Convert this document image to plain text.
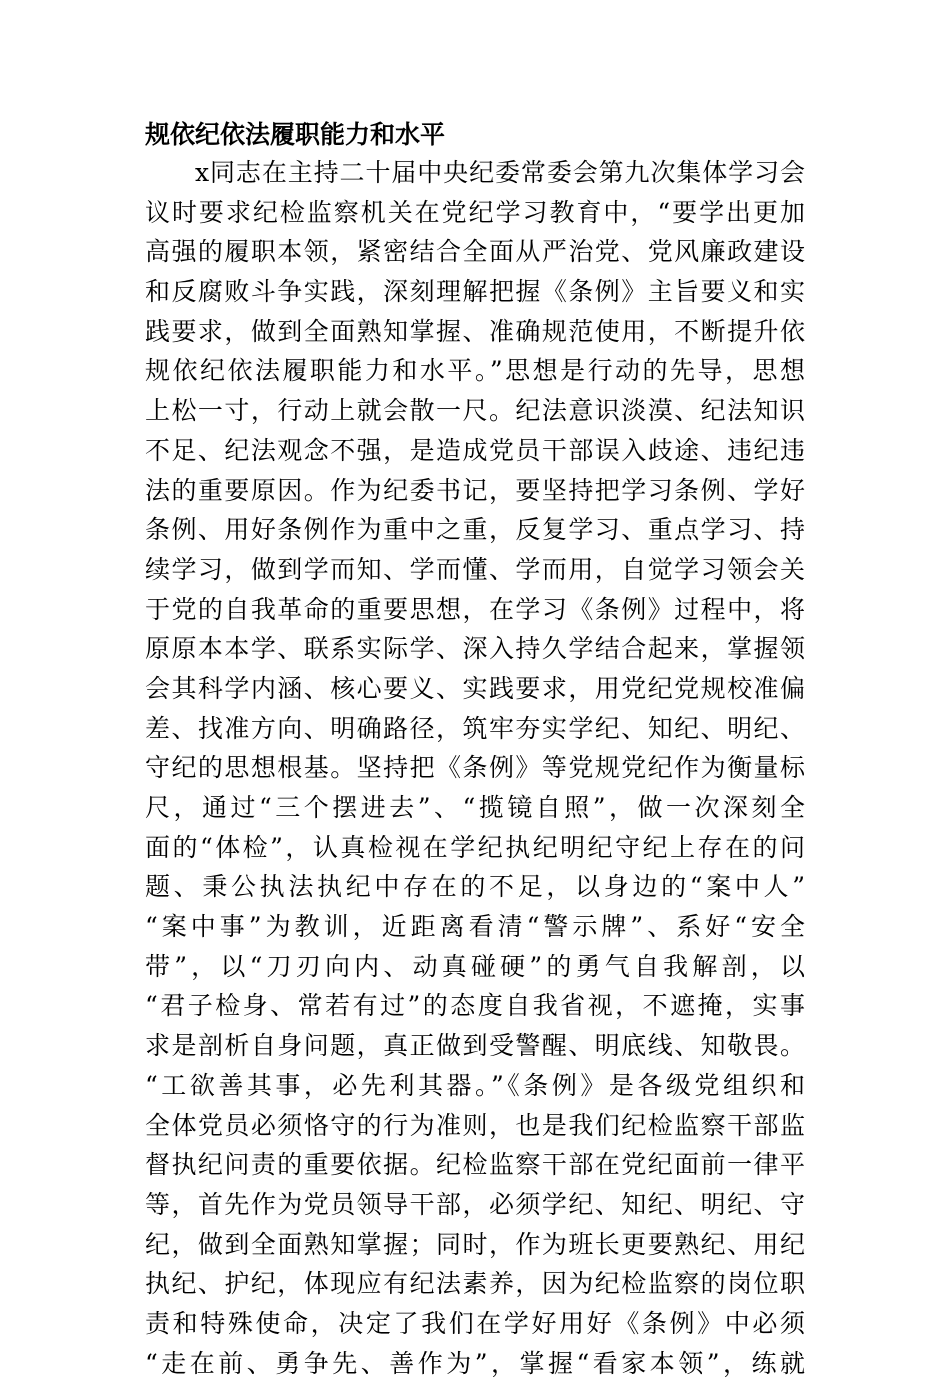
规依纪依法履职能力和水平
x同志在主持二十届中央纪委常委会第九次集体学习会
议时要求纪检监察机关在党纪学习教育中，“要学出更加
高强的履职本领，紧密结合全面从严治党、党风廉政建设
和反腐败斗争实践，深刻理解把握《条例》主旨要义和实
践要求，做到全面熟知掌握、准确规范使用，不断提升依
规依纪依法履职能力和水平。”思想是行动的先导，思想
上松一寸，行动上就会散一尺。纪法意识淡漠、纪法知识
不足、纪法观念不强，是造成党员干部误入歧途、违纪违
法的重要原因。作为纪委书记，要坚持把学习条例、学好
条例、用好条例作为重中之重，反复学习、重点学习、持
续学习，做到学而知、学而懂、学而用，自觉学习领会关
于党的自我革命的重要思想，在学习《条例》过程中，将
原原本本学、联系实际学、深入持久学结合起来，掌握领
会其科学内涵、核心要义、实践要求，用党纪党规校准偏
差、找准方向、明确路径，筑牢夯实学纪、知纪、明纪、
守纪的思想根基。坚持把《条例》等党规党纪作为衡量标
尺，通过“三个摆进去”、“揽镜自照”，做一次深刻全
面的“体检”，认真检视在学纪执纪明纪守纪上存在的问
题、秉公执法执纪中存在的不足，以身边的“案中人”
“案中事”为教训，近距离看清“警示牌”、系好“安全
带”，以“刀刃向内、动真碰硬”的勇气自我解剖，以
“君子检身、常若有过”的态度自我省视，不遮掩，实事
求是剖析自身问题，真正做到受警醒、明底线、知敬畏。
“工欲善其事，必先利其器。”《条例》是各级党组织和
全体党员必须恪守的行为准则，也是我们纪检监察干部监
督执纪问责的重要依据。纪检监察干部在党纪面前一律平
等，首先作为党员领导干部，必须学纪、知纪、明纪、守
纪，做到全面熟知掌握；同时，作为班长更要熟纪、用纪
执纪、护纪，体现应有纪法素养，因为纪检监察的岗位职
责和特殊使命，决定了我们在学好用好《条例》中必须
“走在前、勇争先、善作为”，掌握“看家本领”，练就
